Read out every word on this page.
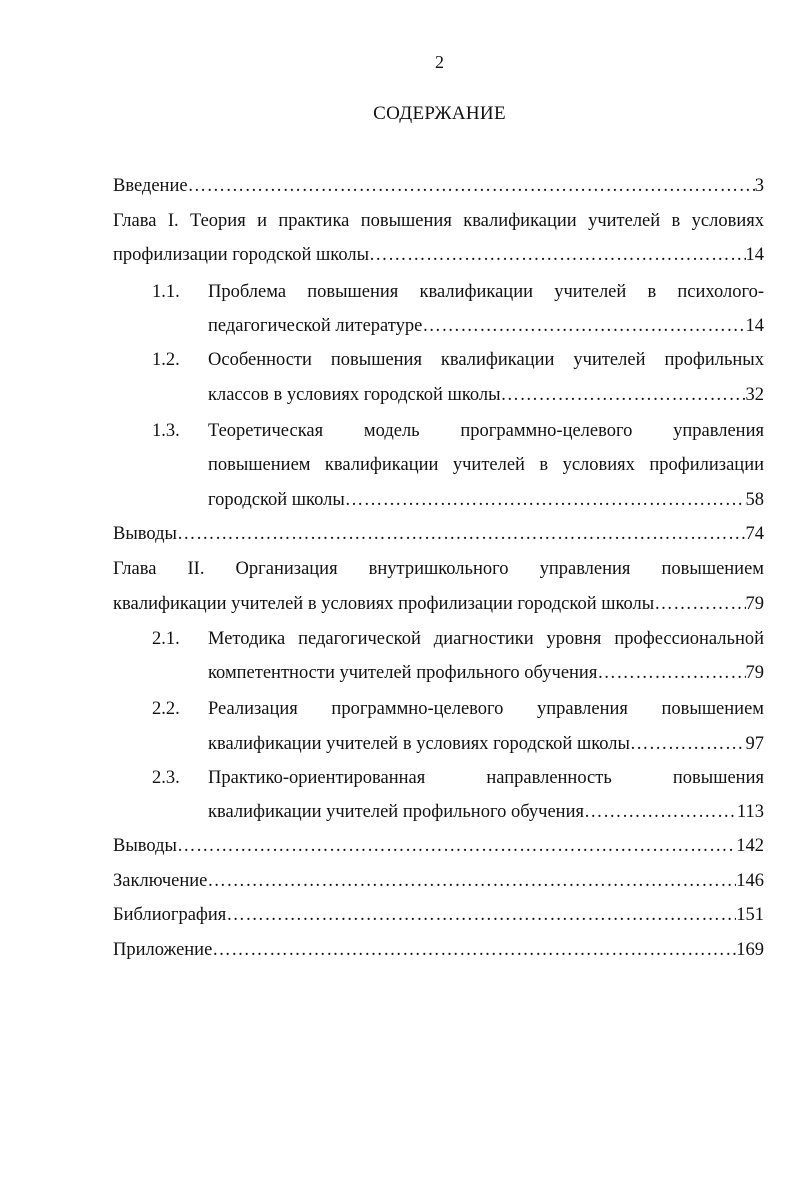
2
СОДЕРЖАНИЕ
Введение …………………………………………………………………………………………………………………………………………………………	3
Глава I. Теория и практика повышения квалификации учителей в условиях
профилизации городской школы …………………………………………………………………………………………………………………………………………………………	14
1.1. Проблема повышения квалификации учителей в психолого-
педагогической литературе …………………………………………………………………………………………………………………………………………………………	14
1.2. Особенности повышения квалификации учителей профильных
классов в условиях городской школы …………………………………………………………………………………………………………………………………………………………	32
1.3. Теоретическая модель программно-целевого управления
повышением квалификации учителей в условиях профилизации
городской школы …………………………………………………………………………………………………………………………………………………………	58
Выводы …………………………………………………………………………………………………………………………………………………………	74
Глава II. Организация внутришкольного управления повышением
квалификации учителей в условиях профилизации городской школы …………………………………………………………………………………………………………………………………………………………	79
2.1. Методика педагогической диагностики уровня профессиональной
компетентности учителей профильного обучения …………………………………………………………………………………………………………………………………………………………	79
2.2. Реализация программно-целевого управления повышением
квалификации учителей в условиях городской школы …………………………………………………………………………………………………………………………………………………………	97
2.3. Практико-ориентированная направленность повышения
квалификации учителей профильного обучения …………………………………………………………………………………………………………………………………………………………	113
Выводы …………………………………………………………………………………………………………………………………………………………	142
Заключение …………………………………………………………………………………………………………………………………………………………	146
Библиография …………………………………………………………………………………………………………………………………………………………	151
Приложение …………………………………………………………………………………………………………………………………………………………	169
